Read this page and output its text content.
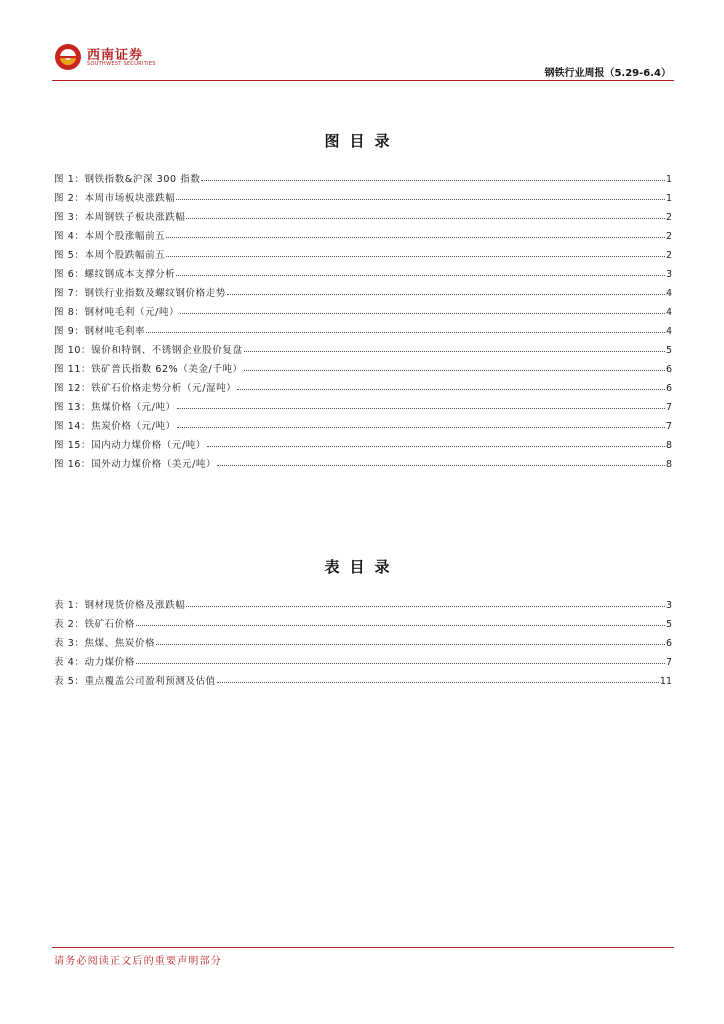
西南证券
SOUTHWEST SECURITIES
钢铁行业周报（5.29-6.4）
图目录
图 1：钢铁指数&沪深 300 指数	1
图 2：本周市场板块涨跌幅	1
图 3：本周钢铁子板块涨跌幅	2
图 4：本周个股涨幅前五	2
图 5：本周个股跌幅前五	2
图 6：螺纹钢成本支撑分析	3
图 7：钢铁行业指数及螺纹钢价格走势	4
图 8：钢材吨毛利（元/吨）	4
图 9：钢材吨毛利率	4
图 10：镍价和特钢、不锈钢企业股价复盘	5
图 11：铁矿普氏指数 62%（美金/千吨）	6
图 12：铁矿石价格走势分析（元/湿吨）	6
图 13：焦煤价格（元/吨）	7
图 14：焦炭价格（元/吨）	7
图 15：国内动力煤价格（元/吨）	8
图 16：国外动力煤价格（美元/吨）	8
表目录
表 1：钢材现货价格及涨跌幅	3
表 2：铁矿石价格	5
表 3：焦煤、焦炭价格	6
表 4：动力煤价格	7
表 5：重点覆盖公司盈利预测及估值	11
请务必阅读正文后的重要声明部分
